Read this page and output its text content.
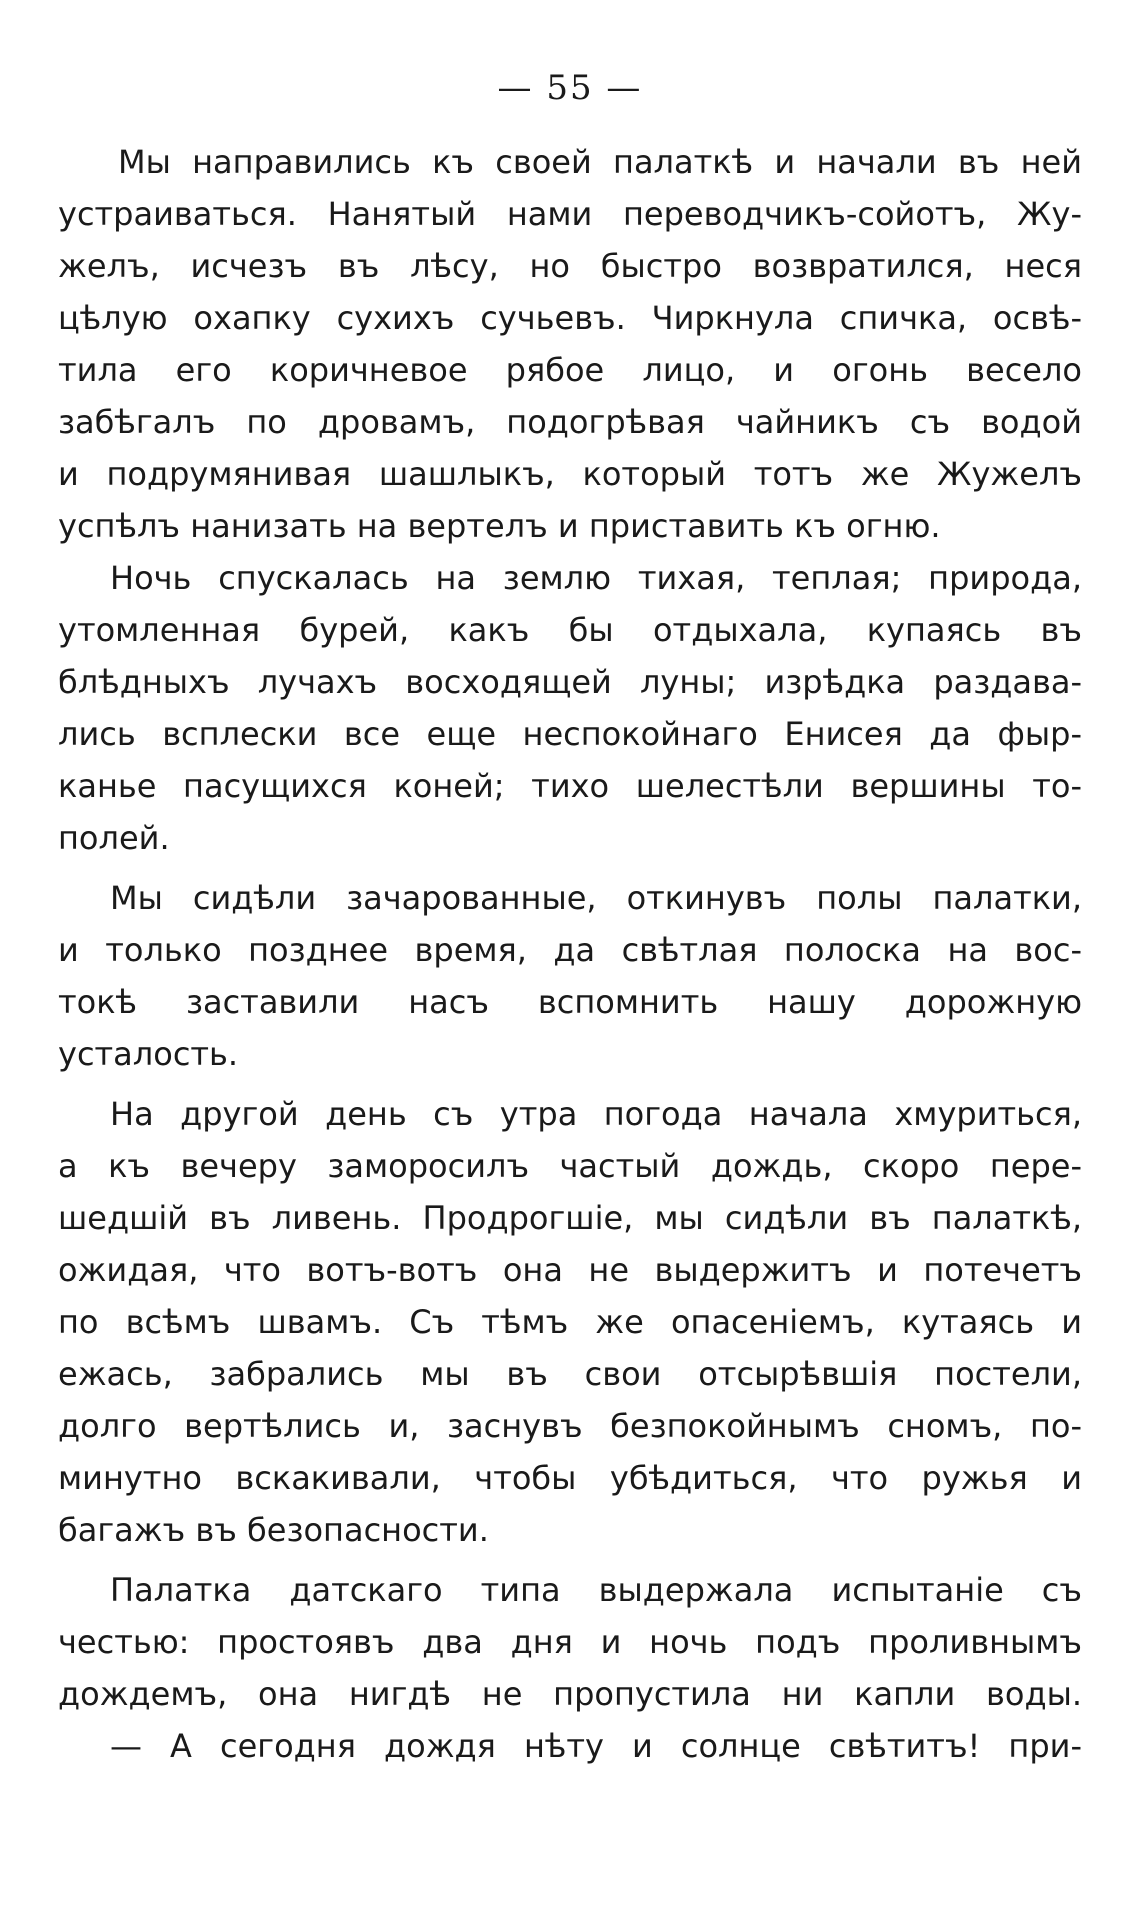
— 55 —
Мы направились къ своей палаткѣ и начали въ ней
устраиваться. Нанятый нами переводчикъ-сойотъ, Жу-
желъ, исчезъ въ лѣсу, но быстро возвратился, неся
цѣлую охапку сухихъ сучьевъ. Чиркнула спичка, освѣ-
тила его коричневое рябое лицо, и огонь весело
забѣгалъ по дровамъ, подогрѣвая чайникъ съ водой
и подрумянивая шашлыкъ, который тотъ же Жужелъ
успѣлъ нанизать на вертелъ и приставить къ огню.
Ночь спускалась на землю тихая, теплая; природа,
утомленная бурей, какъ бы отдыхала, купаясь въ
блѣдныхъ лучахъ восходящей луны; изрѣдка раздава-
лись всплески все еще неспокойнаго Енисея да фыр-
канье пасущихся коней; тихо шелестѣли вершины то-
полей.
Мы сидѣли зачарованные, откинувъ полы палатки,
и только позднее время, да свѣтлая полоска на вос-
токѣ заставили насъ вспомнить нашу дорожную
усталость.
На другой день съ утра погода начала хмуриться,
а къ вечеру заморосилъ частый дождь, скоро пере-
шедшій въ ливень. Продрогшіе, мы сидѣли въ палаткѣ,
ожидая, что вотъ-вотъ она не выдержитъ и потечетъ
по всѣмъ швамъ. Съ тѣмъ же опасеніемъ, кутаясь и
ежась, забрались мы въ свои отсырѣвшія постели,
долго вертѣлись и, заснувъ безпокойнымъ сномъ, по-
минутно вскакивали, чтобы убѣдиться, что ружья и
багажъ въ безопасности.
Палатка датскаго типа выдержала испытаніе съ
честью: простоявъ два дня и ночь подъ проливнымъ
дождемъ, она нигдѣ не пропустила ни капли воды.
— А сегодня дождя нѣту и солнце свѣтитъ! при-
